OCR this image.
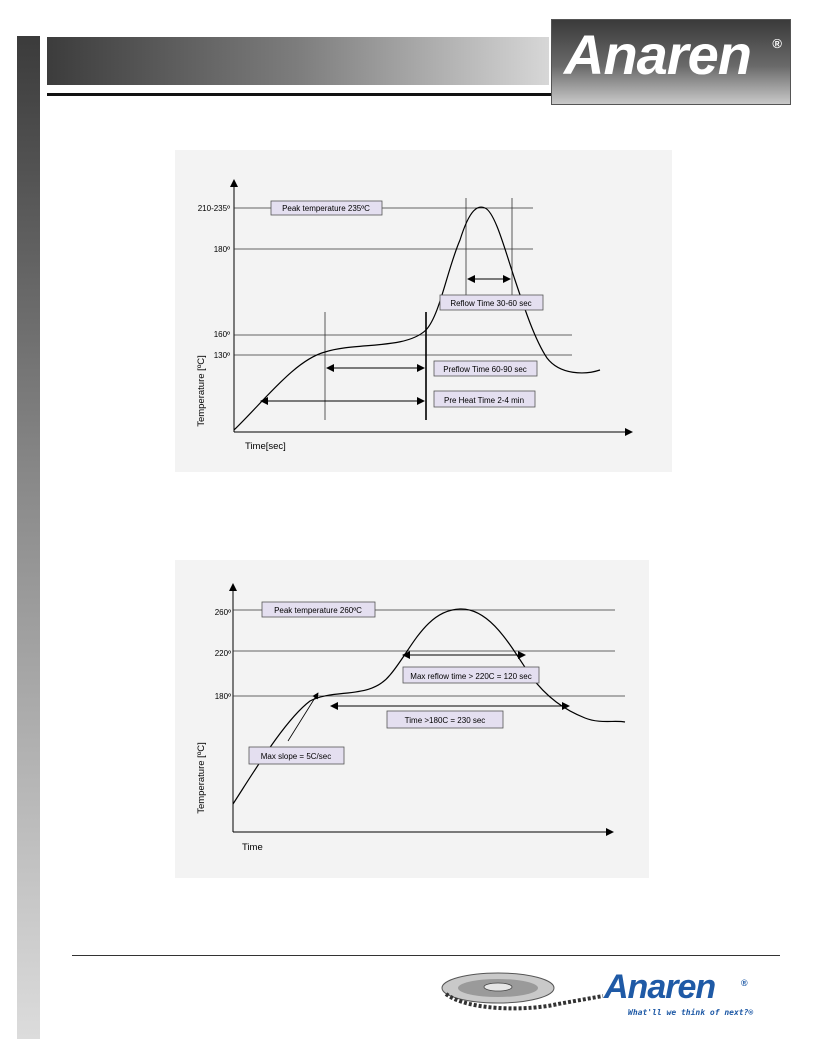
Anaren ®
210-235º
180º
160º
130º
Temperature [ºC]
Time[sec]
Peak temperature 235ºC
Reflow Time 30-60 sec
Preflow Time 60-90 sec
Pre Heat Time 2-4 min
260º
220º
180º
Temperature [ºC]
Time
Peak temperature 260ºC
Max reflow time > 220C = 120 sec
Time >180C = 230 sec
Max slope = 5C/sec
Anaren	®
What'll we think of next?®
